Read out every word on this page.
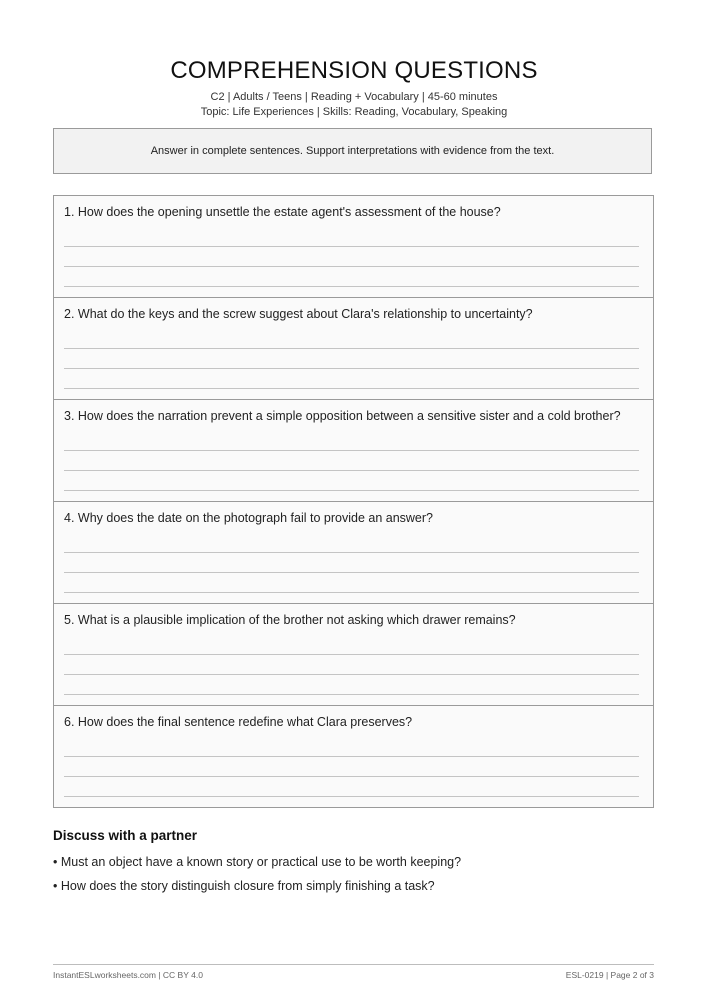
COMPREHENSION QUESTIONS
C2 | Adults / Teens | Reading + Vocabulary | 45-60 minutes
Topic: Life Experiences | Skills: Reading, Vocabulary, Speaking
Answer in complete sentences. Support interpretations with evidence from the text.
1. How does the opening unsettle the estate agent's assessment of the house?
2. What do the keys and the screw suggest about Clara's relationship to uncertainty?
3. How does the narration prevent a simple opposition between a sensitive sister and a cold brother?
4. Why does the date on the photograph fail to provide an answer?
5. What is a plausible implication of the brother not asking which drawer remains?
6. How does the final sentence redefine what Clara preserves?
Discuss with a partner
• Must an object have a known story or practical use to be worth keeping?
• How does the story distinguish closure from simply finishing a task?
InstantESLworksheets.com | CC BY 4.0	ESL-0219 | Page 2 of 3
